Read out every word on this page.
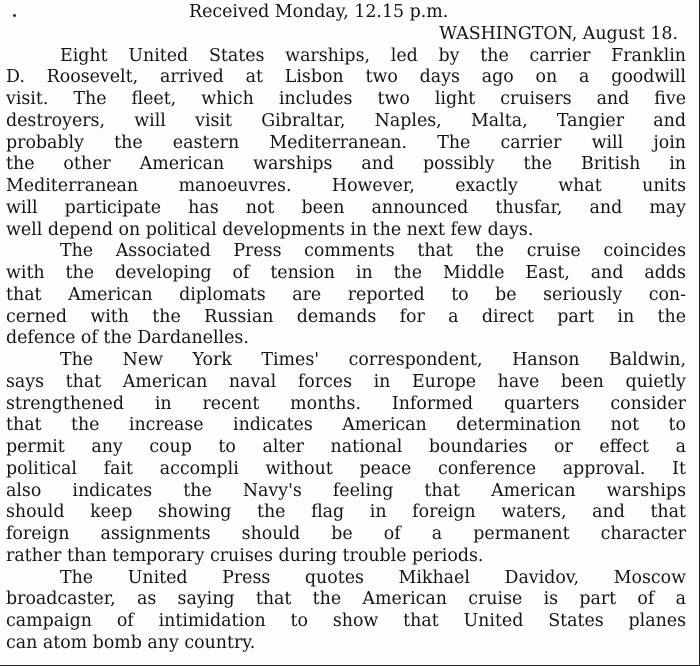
Received Monday, 12.15 p.m.
WASHINGTON, August 18.
Eight United States warships, led by the carrier Franklin
D. Roosevelt, arrived at Lisbon two days ago on a goodwill
visit. The fleet, which includes two light cruisers and five
destroyers, will visit Gibraltar, Naples, Malta, Tangier and
probably the eastern Mediterranean. The carrier will join
the other American warships and possibly the British in
Mediterranean manoeuvres. However, exactly what units
will participate has not been announced thusfar, and may
well depend on political developments in the next few days.
The Associated Press comments that the cruise coincides
with the developing of tension in the Middle East, and adds
that American diplomats are reported to be seriously con-
cerned with the Russian demands for a direct part in the
defence of the Dardanelles.
The New York Times' correspondent, Hanson Baldwin,
says that American naval forces in Europe have been quietly
strengthened in recent months. Informed quarters consider
that the increase indicates American determination not to
permit any coup to alter national boundaries or effect a
political fait accompli without peace conference approval. It
also indicates the Navy's feeling that American warships
should keep showing the flag in foreign waters, and that
foreign assignments should be of a permanent character
rather than temporary cruises during trouble periods.
The United Press quotes Mikhael Davidov, Moscow
broadcaster, as saying that the American cruise is part of a
campaign of intimidation to show that United States planes
can atom bomb any country.
